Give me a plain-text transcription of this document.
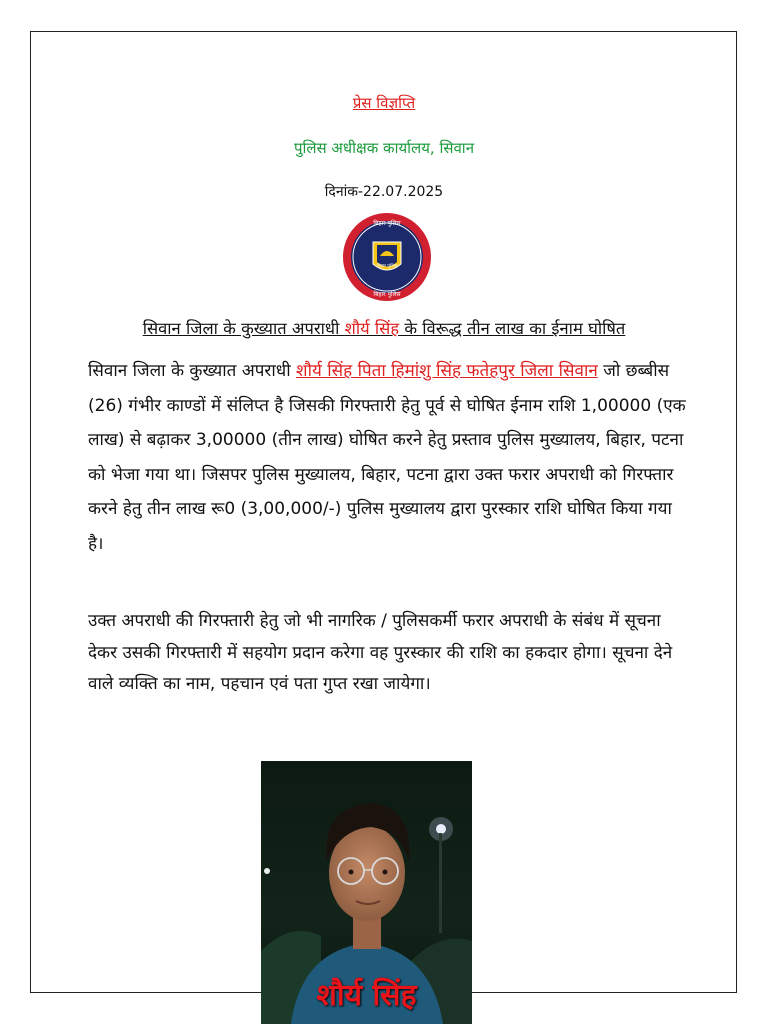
प्रेस विज्ञप्ति
पुलिस अधीक्षक कार्यालय, सिवान
दिनांक-22.07.2025
बिहार पुलिस
बिहार पुलिस
बिहार पुलिस
सिवान जिला के कुख्यात अपराधी शौर्य सिंह के विरूद्ध तीन लाख का ईनाम घोषित
सिवान जिला के कुख्यात अपराधी शौर्य सिंह पिता हिमांशु सिंह फतेहपुर जिला सिवान जो छब्बीस (26) गंभीर काण्डों में संलिप्त है जिसकी गिरफ्तारी हेतु पूर्व से घोषित ईनाम राशि 1,00000 (एक लाख) से बढ़ाकर 3,00000 (तीन लाख) घोषित करने हेतु प्रस्ताव पुलिस मुख्यालय, बिहार, पटना को भेजा गया था। जिसपर पुलिस मुख्यालय, बिहार, पटना द्वारा उक्त फरार अपराधी को गिरफ्तार करने हेतु तीन लाख रू0 (3,00,000/-) पुलिस मुख्यालय द्वारा पुरस्कार राशि घोषित किया गया है।
उक्त अपराधी की गिरफ्तारी हेतु जो भी नागरिक / पुलिसकर्मी फरार अपराधी के संबंध में सूचना देकर उसकी गिरफ्तारी में सहयोग प्रदान करेगा वह पुरस्कार की राशि का हकदार होगा। सूचना देने वाले व्यक्ति का नाम, पहचान एवं पता गुप्त रखा जायेगा।
शौर्य सिंह
